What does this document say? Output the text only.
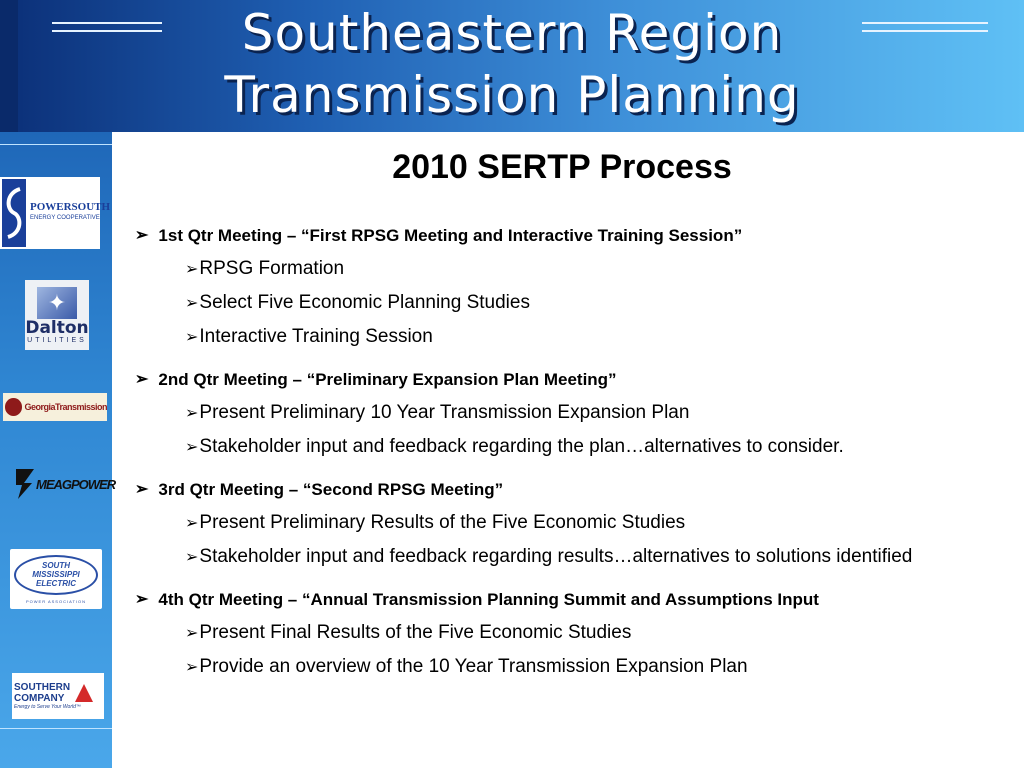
Southeastern Region
Transmission Planning
POWERSOUTH
ENERGY COOPERATIVE
✦
Dalton
UTILITIES
GeorgiaTransmission
MEAGPOWER
SOUTH
MISSISSIPPI
ELECTRIC
POWER ASSOCIATION
SOUTHERN
COMPANY
Energy to Serve Your World™
2010 SERTP Process
➢ 1st Qtr Meeting – “First RPSG Meeting and Interactive Training Session”
➢RPSG Formation
➢Select Five Economic Planning Studies
➢Interactive Training Session
➢ 2nd Qtr Meeting – “Preliminary Expansion Plan Meeting”
➢Present Preliminary 10 Year Transmission Expansion Plan
➢Stakeholder input and feedback regarding the plan…alternatives to consider.
➢ 3rd Qtr Meeting – “Second RPSG Meeting”
➢Present Preliminary Results of the Five Economic Studies
➢Stakeholder input and feedback regarding results…alternatives to solutions identified
➢ 4th Qtr Meeting – “Annual Transmission Planning Summit and Assumptions Input
➢Present Final Results of the Five Economic Studies
➢Provide an overview of the 10 Year Transmission Expansion Plan
